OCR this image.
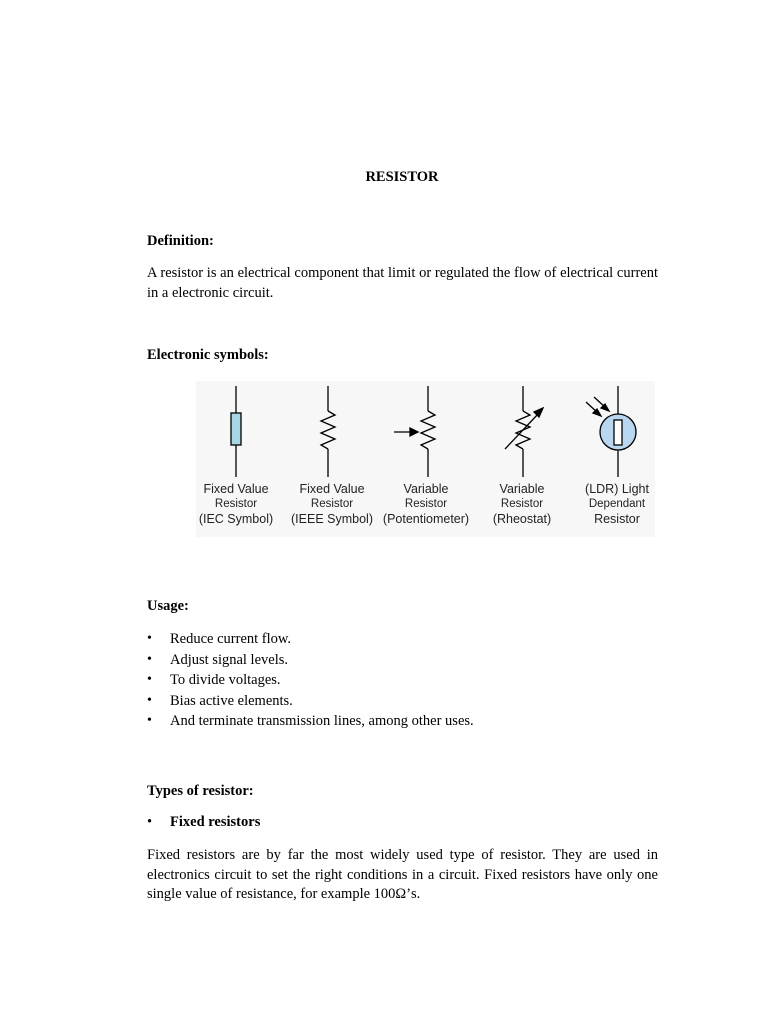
RESISTOR
Definition:
A resistor is an electrical component that limit or regulated the flow of electrical current in a electronic circuit.
Electronic symbols:
Fixed Value
Resistor
(IEC Symbol)
Fixed Value
Resistor
(IEEE Symbol)
Variable
Resistor
(Potentiometer)
Variable
Resistor
(Rheostat)
(LDR) Light
Dependant
Resistor
Usage:
• Reduce current flow.
• Adjust signal levels.
• To divide voltages.
• Bias active elements.
• And terminate transmission lines, among other uses.
Types of resistor:
• Fixed resistors
Fixed resistors are by far the most widely used type of resistor. They are used in electronics circuit to set the right conditions in a circuit. Fixed resistors have only one single value of resistance, for example 100Ω’s.
